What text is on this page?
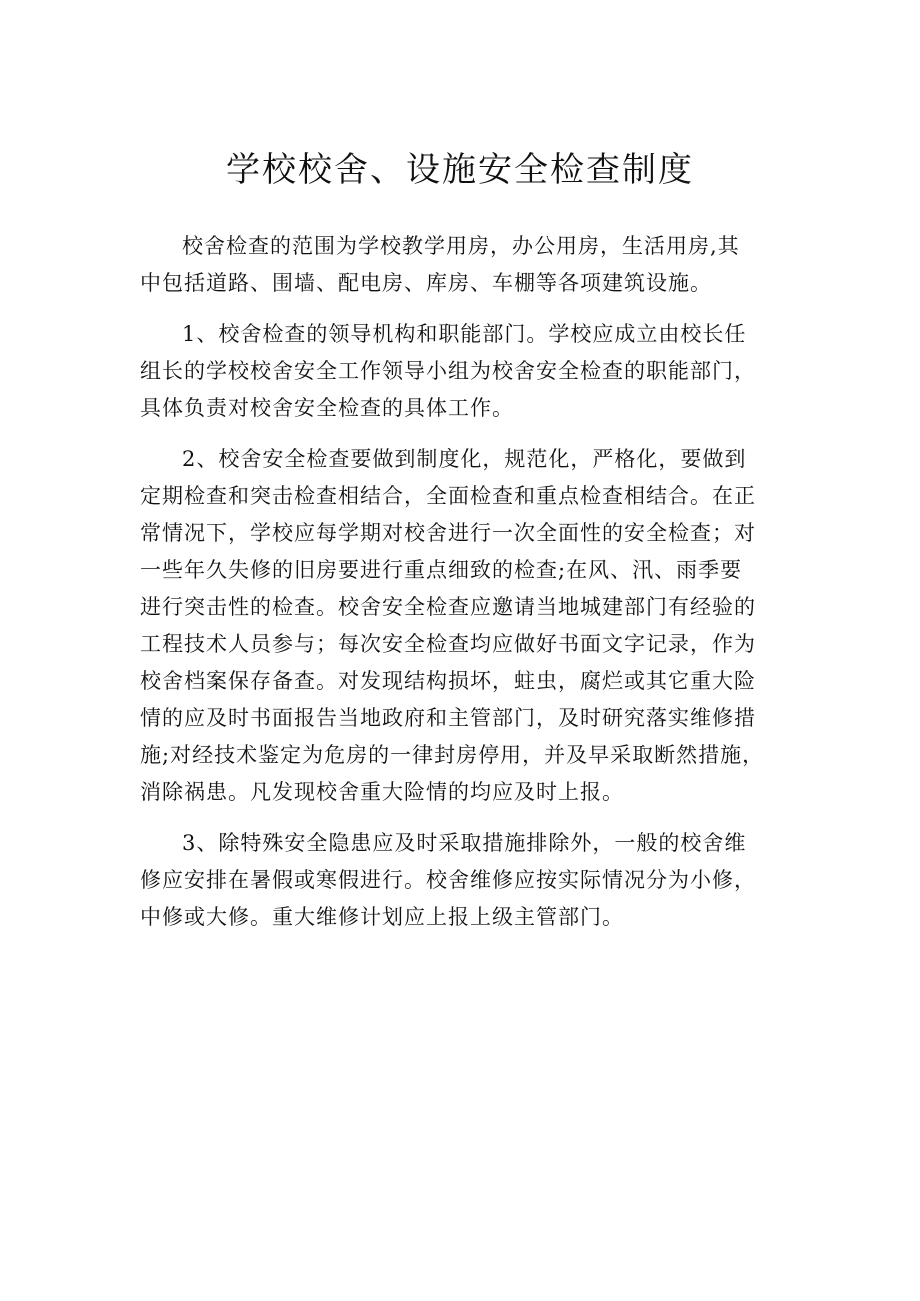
学校校舍、设施安全检查制度

校舍检查的范围为学校教学用房，办公用房，生活用房,其
中包括道路、围墙、配电房、库房、车棚等各项建筑设施。

1、校舍检查的领导机构和职能部门。学校应成立由校长任
组长的学校校舍安全工作领导小组为校舍安全检查的职能部门，
具体负责对校舍安全检查的具体工作。

2、校舍安全检查要做到制度化，规范化，严格化，要做到
定期检查和突击检查相结合，全面检查和重点检查相结合。在正
常情况下，学校应每学期对校舍进行一次全面性的安全检查；对
一些年久失修的旧房要进行重点细致的检查;在风、汛、雨季要
进行突击性的检查。校舍安全检查应邀请当地城建部门有经验的
工程技术人员参与；每次安全检查均应做好书面文字记录，作为
校舍档案保存备查。对发现结构损坏，蛀虫，腐烂或其它重大险
情的应及时书面报告当地政府和主管部门，及时研究落实维修措
施;对经技术鉴定为危房的一律封房停用，并及早采取断然措施，
消除祸患。凡发现校舍重大险情的均应及时上报。

3、除特殊安全隐患应及时采取措施排除外，一般的校舍维
修应安排在暑假或寒假进行。校舍维修应按实际情况分为小修，
中修或大修。重大维修计划应上报上级主管部门。
